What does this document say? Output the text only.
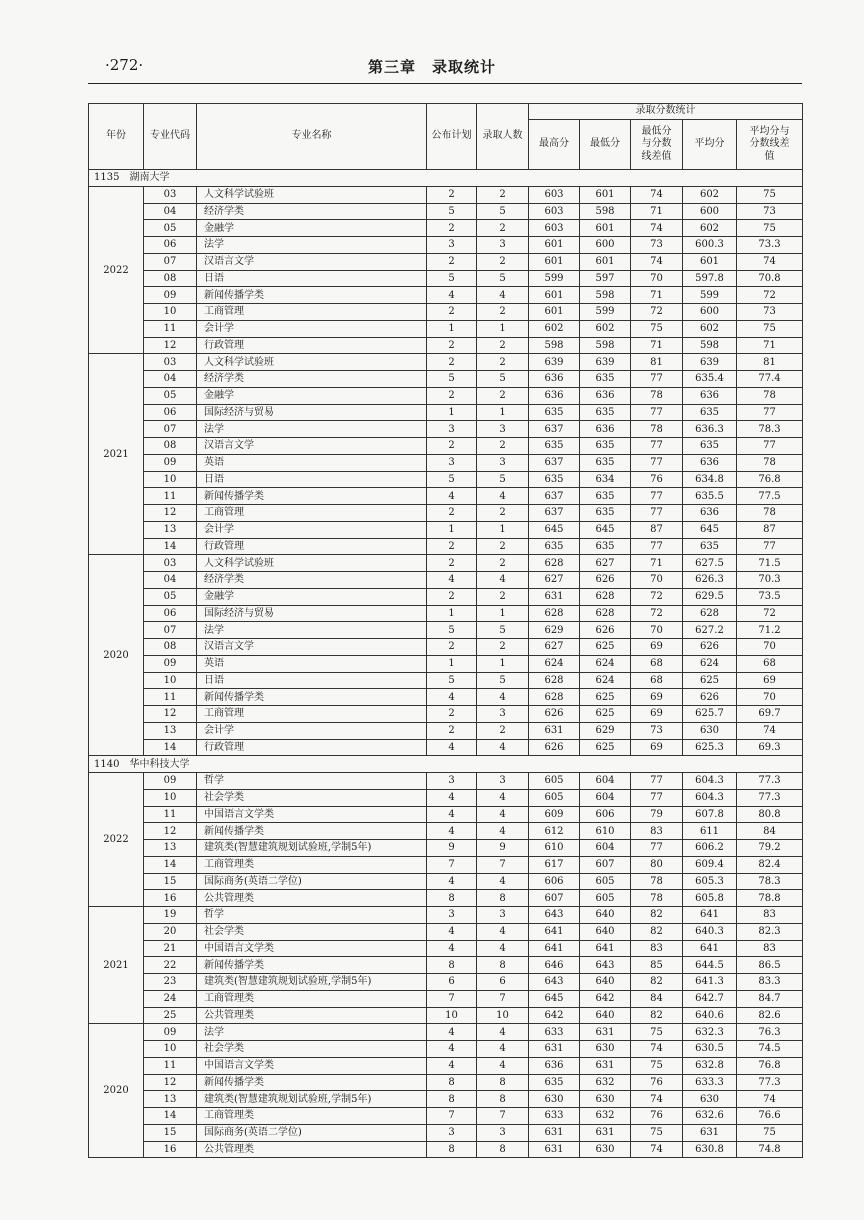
·272·	第三章　录取统计
年份	专业代码	专业名称	公布计划	录取人数	录取分数统计				
					最高分	最低分	最低分与分数线差值	平均分	平均分与分数线差值
1135　湖南大学									
2022	03	人文科学试验班	2	2	603	601	74	602	75
	04	经济学类	5	5	603	598	71	600	73
	05	金融学	2	2	603	601	74	602	75
	06	法学	3	3	601	600	73	600.3	73.3
	07	汉语言文学	2	2	601	601	74	601	74
	08	日语	5	5	599	597	70	597.8	70.8
	09	新闻传播学类	4	4	601	598	71	599	72
	10	工商管理	2	2	601	599	72	600	73
	11	会计学	1	1	602	602	75	602	75
	12	行政管理	2	2	598	598	71	598	71
2021	03	人文科学试验班	2	2	639	639	81	639	81
	04	经济学类	5	5	636	635	77	635.4	77.4
	05	金融学	2	2	636	636	78	636	78
	06	国际经济与贸易	1	1	635	635	77	635	77
	07	法学	3	3	637	636	78	636.3	78.3
	08	汉语言文学	2	2	635	635	77	635	77
	09	英语	3	3	637	635	77	636	78
	10	日语	5	5	635	634	76	634.8	76.8
	11	新闻传播学类	4	4	637	635	77	635.5	77.5
	12	工商管理	2	2	637	635	77	636	78
	13	会计学	1	1	645	645	87	645	87
	14	行政管理	2	2	635	635	77	635	77
2020	03	人文科学试验班	2	2	628	627	71	627.5	71.5
	04	经济学类	4	4	627	626	70	626.3	70.3
	05	金融学	2	2	631	628	72	629.5	73.5
	06	国际经济与贸易	1	1	628	628	72	628	72
	07	法学	5	5	629	626	70	627.2	71.2
	08	汉语言文学	2	2	627	625	69	626	70
	09	英语	1	1	624	624	68	624	68
	10	日语	5	5	628	624	68	625	69
	11	新闻传播学类	4	4	628	625	69	626	70
	12	工商管理	2	3	626	625	69	625.7	69.7
	13	会计学	2	2	631	629	73	630	74
	14	行政管理	4	4	626	625	69	625.3	69.3
1140　华中科技大学									
2022	09	哲学	3	3	605	604	77	604.3	77.3
	10	社会学类	4	4	605	604	77	604.3	77.3
	11	中国语言文学类	4	4	609	606	79	607.8	80.8
	12	新闻传播学类	4	4	612	610	83	611	84
	13	建筑类(智慧建筑规划试验班,学制5年)	9	9	610	604	77	606.2	79.2
	14	工商管理类	7	7	617	607	80	609.4	82.4
	15	国际商务(英语二学位)	4	4	606	605	78	605.3	78.3
	16	公共管理类	8	8	607	605	78	605.8	78.8
2021	19	哲学	3	3	643	640	82	641	83
	20	社会学类	4	4	641	640	82	640.3	82.3
	21	中国语言文学类	4	4	641	641	83	641	83
	22	新闻传播学类	8	8	646	643	85	644.5	86.5
	23	建筑类(智慧建筑规划试验班,学制5年)	6	6	643	640	82	641.3	83.3
	24	工商管理类	7	7	645	642	84	642.7	84.7
	25	公共管理类	10	10	642	640	82	640.6	82.6
2020	09	法学	4	4	633	631	75	632.3	76.3
	10	社会学类	4	4	631	630	74	630.5	74.5
	11	中国语言文学类	4	4	636	631	75	632.8	76.8
	12	新闻传播学类	8	8	635	632	76	633.3	77.3
	13	建筑类(智慧建筑规划试验班,学制5年)	8	8	630	630	74	630	74
	14	工商管理类	7	7	633	632	76	632.6	76.6
	15	国际商务(英语二学位)	3	3	631	631	75	631	75
	16	公共管理类	8	8	631	630	74	630.8	74.8
